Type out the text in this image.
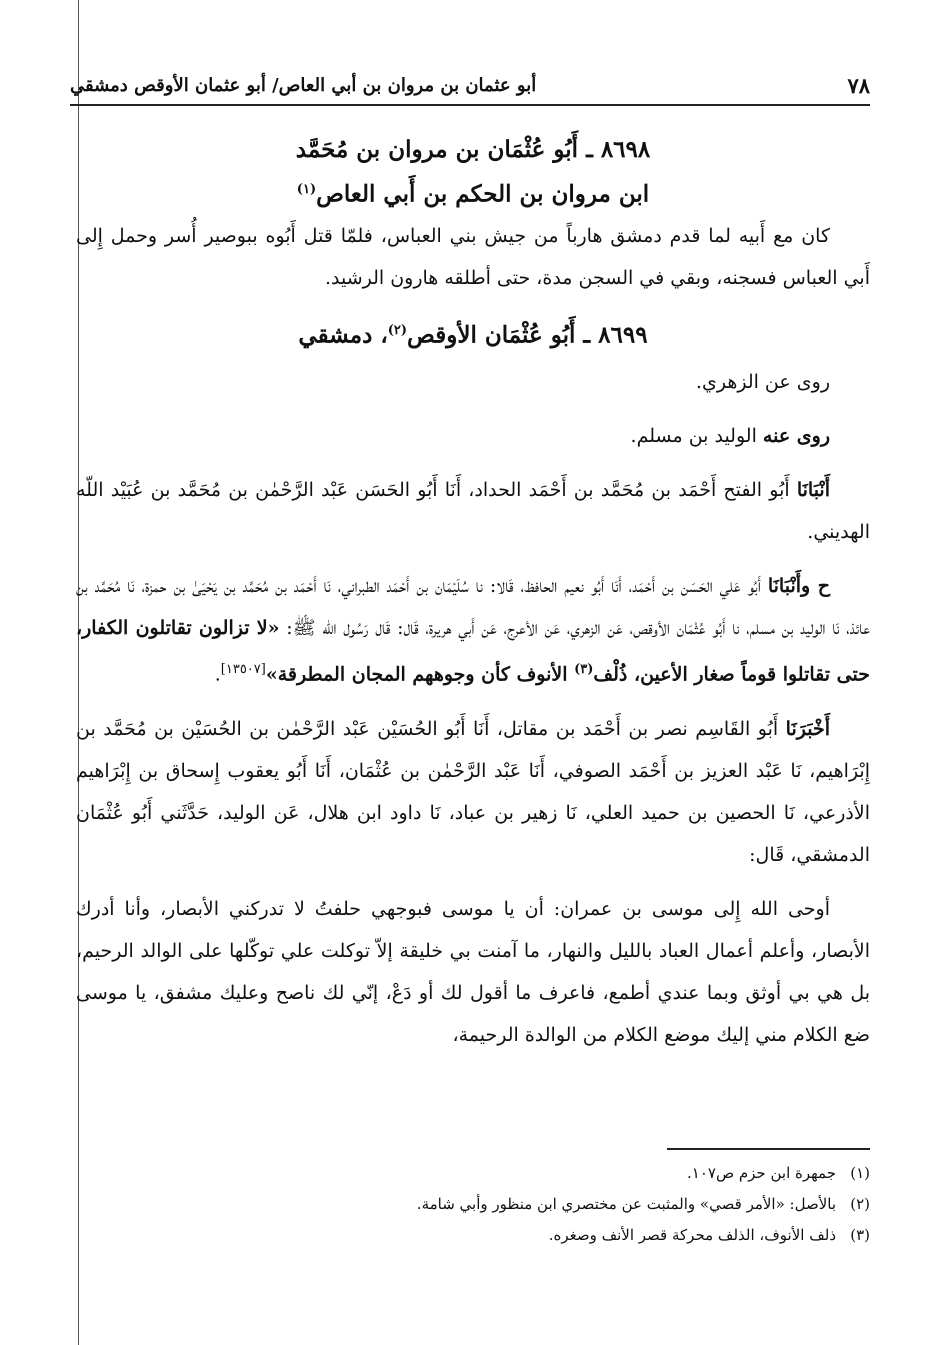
٧٨
أبو عثمان بن مروان بن أبي العاص/ أبو عثمان الأوقص دمشقي
٨٦٩٨ ـ أَبُو عُثْمَان بن مروان بن مُحَمَّد
ابن مروان بن الحكم بن أَبي العاص$^{(١)}$

كان مع أَبيه لما قدم دمشق هارباً من جيش بني العباس، فلمّا قتل أَبُوه ببوصير أُسر وحمل إِلى أَبي العباس فسجنه، وبقي في السجن مدة، حتى أطلقه هارون الرشيد.

٨٦٩٩ ـ أَبُو عُثْمَان الأوقص$^{(٢)}$، دمشقي

روى عن الزهري.

روى عنه الوليد بن مسلم.

أَنْبَانَا أَبُو الفتح أَحْمَد بن مُحَمَّد بن أَحْمَد الحداد، أَنَا أَبُو الحَسَن عَبْد الرَّحْمٰن بن مُحَمَّد بن عُبَيْد اللّه الهديني.

ح وأَنْبَانَا أَبُو عَلي الحَسَن بن أَحْمَد، أَنَا أَبُو نعيم الحافظ، قَالا: نا سُلَيْمَان بن أَحْمَد الطبراني، نَا أَحْمَد بن مُحَمَّد بن يَحْيَىٰ بن حمزة، نَا مُحَمَّد بن عائذ، نَا الوليد بن مسلم، نا أَبُو عُثْمَان الأوقص، عَن الزهري، عَن الأعرج، عَن أَبي هريرة، قَال: قَال رَسُول الله ﷺ: «لا تزالون تقاتلون الكفار، حتى تقاتلوا قوماً صغار الأعين، ذُلْف$^{(٣)}$ الأنوف كأن وجوههم المجان المطرقة»[١٣٥٠٧].

أَخْبَرَنَا أَبُو القَاسِم نصر بن أَحْمَد بن مقاتل، أَنَا أَبُو الحُسَيْن عَبْد الرَّحْمٰن بن الحُسَيْن بن مُحَمَّد بن إِبْرَاهيم، نَا عَبْد العزيز بن أَحْمَد الصوفي، أَنَا عَبْد الرَّحْمٰن بن عُثْمَان، أَنَا أَبُو يعقوب إِسحاق بن إِبْرَاهيم الأذرعي، نَا الحصين بن حميد العلي، نَا زهير بن عباد، نَا داود ابن هلال، عَن الوليد، حَدَّثَني أَبُو عُثْمَان الدمشقي، قَال:

أوحى الله إِلى موسى بن عمران: أن يا موسى فبوجهي حلفتُ لا تدركني الأبصار، وأنا أدرك الأبصار، وأعلم أعمال العباد بالليل والنهار، ما آمنت بي خليقة إلاّ توكلت علي توكّلها على الوالد الرحيم، بل هي بي أوثق وبما عندي أطمع، فاعرف ما أقول لك أو دَعْ، إنّي لك ناصح وعليك مشفق، يا موسى ضع الكلام مني إليك موضع الكلام من الوالدة الرحيمة،

(١)جمهرة ابن حزم ص١٠٧.
(٢)بالأصل: «الأمر قصي» والمثبت عن مختصري ابن منظور وأبي شامة.
(٣)ذلف الأنوف، الذلف محركة قصر الأنف وصغره.
